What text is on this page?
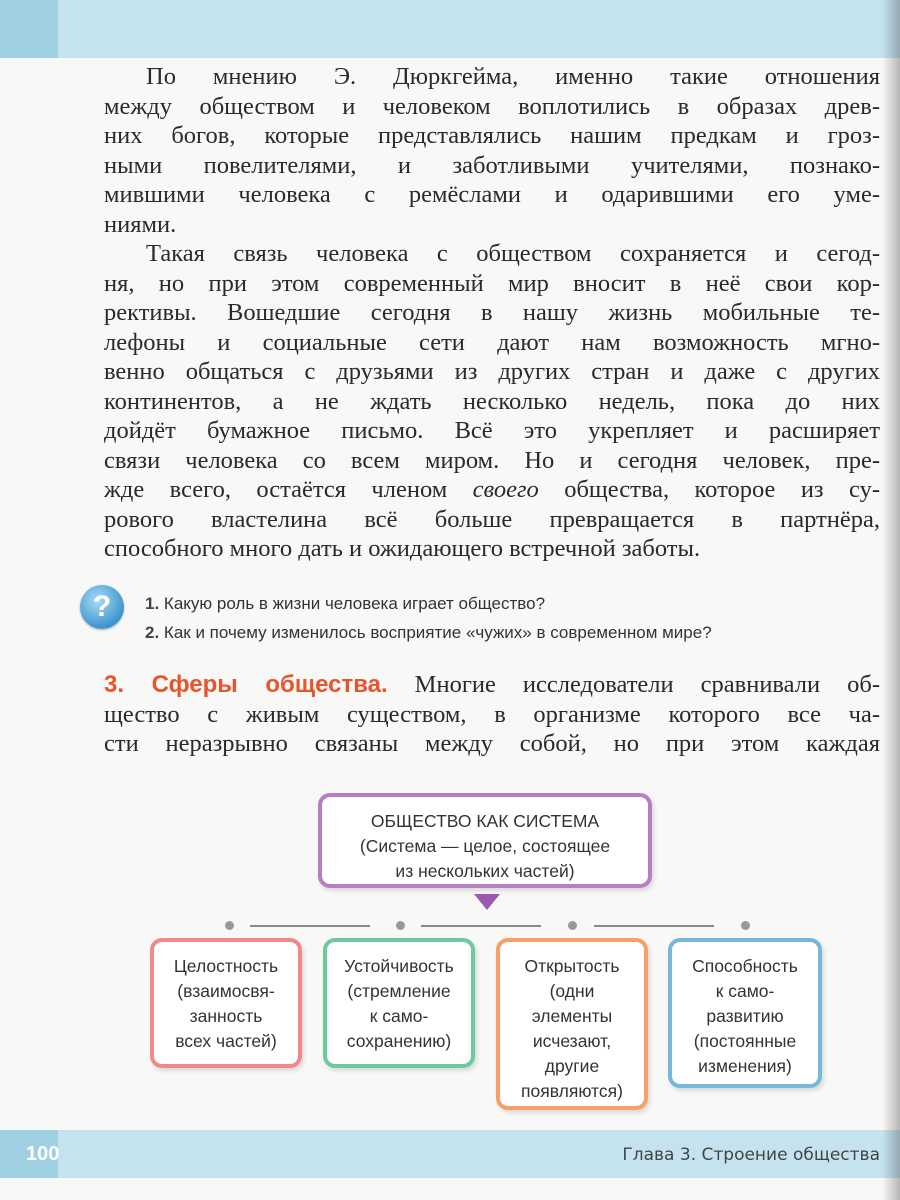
По мнению Э. Дюркгейма, именно такие отношения
между обществом и человеком воплотились в образах древ-
них богов, которые представлялись нашим предкам и гроз-
ными повелителями, и заботливыми учителями, познако-
мившими человека с ремёслами и одарившими его уме-
ниями.
Такая связь человека с обществом сохраняется и сегод-
ня, но при этом современный мир вносит в неё свои кор-
рективы. Вошедшие сегодня в нашу жизнь мобильные те-
лефоны и социальные сети дают нам возможность мгно-
венно общаться с друзьями из других стран и даже с других
континентов, а не ждать несколько недель, пока до них
дойдёт бумажное письмо. Всё это укрепляет и расширяет
связи человека со всем миром. Но и сегодня человек, пре-
жде всего, остаётся членом своего общества, которое из су-
рового властелина всё больше превращается в партнёра,
способного много дать и ожидающего встречной заботы.
?	1. Какую роль в жизни человека играет общество?
2. Как и почему изменилось восприятие «чужих» в современном мире?
3. Сферы общества. Многие исследователи сравнивали об-
щество с живым существом, в организме которого все ча-
сти неразрывно связаны между собой, но при этом каждая
ОБЩЕСТВО КАК СИСТЕМА
(Система — целое, состоящее
из нескольких частей)
Целостность
(взаимосвя-
занность
всех частей)
Устойчивость
(стремление
к само-
сохранению)
Открытость
(одни
элементы
исчезают,
другие
появляются)
Способность
к само-
развитию
(постоянные
изменения)
100	Глава 3. Строение общества
